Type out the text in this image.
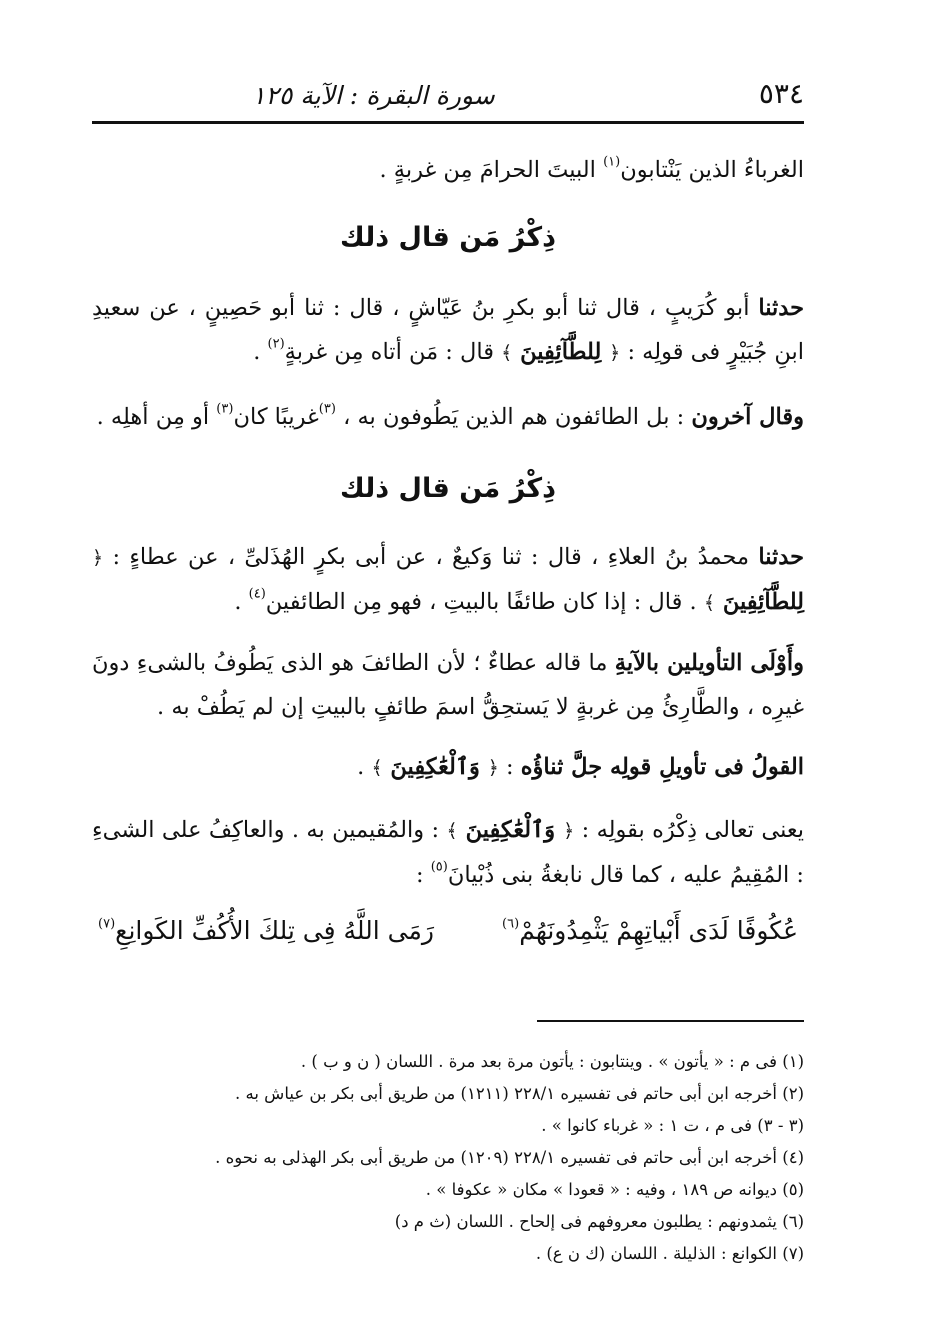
٥٣٤
سورة البقرة : الآية ١٢٥

الغرباءُ الذين يَنْتابون$^{(١)}$ البيتَ الحرامَ مِن غربةٍ .

ذِكْرُ مَن قال ذلك

حدثنا أبو كُرَيبٍ ، قال ثنا أبو بكرِ بنُ عَيّاشٍ ، قال : ثنا أبو حَصِينٍ ، عن سعيدِ ابنِ جُبَيْرٍ فى قولِه : ﴿ لِلطَّآئِفِينَ ﴾ قال : مَن أتاه مِن غربةٍ$^{(٢)}$ .

وقال آخرون : بل الطائفون هم الذين يَطُوفون به ، $^{(٣)}$غريبًا كان$^{(٣)}$ أو مِن أهلِه .

ذِكْرُ مَن قال ذلك

حدثنا محمدُ بنُ العلاءِ ، قال : ثنا وَكيعٌ ، عن أبى بكرٍ الهُذَلىِّ ، عن عطاءٍ : ﴿ لِلطَّآئِفِينَ ﴾ . قال : إذا كان طائفًا بالبيتِ ، فهو مِن الطائفين$^{(٤)}$ .

وأَوْلَى التأويلين بالآيةِ ما قاله عطاءٌ ؛ لأن الطائفَ هو الذى يَطُوفُ بالشىءِ دونَ غيرِه ، والطَّارِئُ مِن غربةٍ لا يَستحِقُّ اسمَ طائفٍ بالبيتِ إن لم يَطُفْ به .

القولُ فى تأويلِ قولِه جلَّ ثناؤُه : ﴿ وَٱلْعَٰكِفِينَ ﴾ .

يعنى تعالى ذِكْرُه بقولِه : ﴿ وَٱلْعَٰكِفِينَ ﴾ : والمُقيمين به . والعاكِفُ على الشىءِ : المُقِيمُ عليه ، كما قال نابغةُ بنى ذُبْيانَ$^{(٥)}$ :

عُكُوفًا لَدَى أَبْياتِهِمْ يَثْمِدُونَهُمْ$^{(٦)}$
رَمَى اللَّهُ فِى تِلكَ الأُكُفِّ الكَوانِعِ$^{(٧)}$
(١) فى م : « يأتون » . وينتابون : يأتون مرة بعد مرة . اللسان ( ن و ب ) .
(٢) أخرجه ابن أبى حاتم فى تفسيره ٢٢٨/١ (١٢١١) من طريق أبى بكر بن عياش به .
(٣ - ٣) فى م ، ت ١ : « غرباء كانوا » .
(٤) أخرجه ابن أبى حاتم فى تفسيره ٢٢٨/١ (١٢٠٩) من طريق أبى بكر الهذلى به نحوه .
(٥) ديوانه ص ١٨٩ ، وفيه : « قعودا » مكان « عكوفا » .
(٦) يثمدونهم : يطلبون معروفهم فى إلحاح . اللسان (ث م د)
(٧) الكوانع : الذليلة . اللسان (ك ن ع) .
